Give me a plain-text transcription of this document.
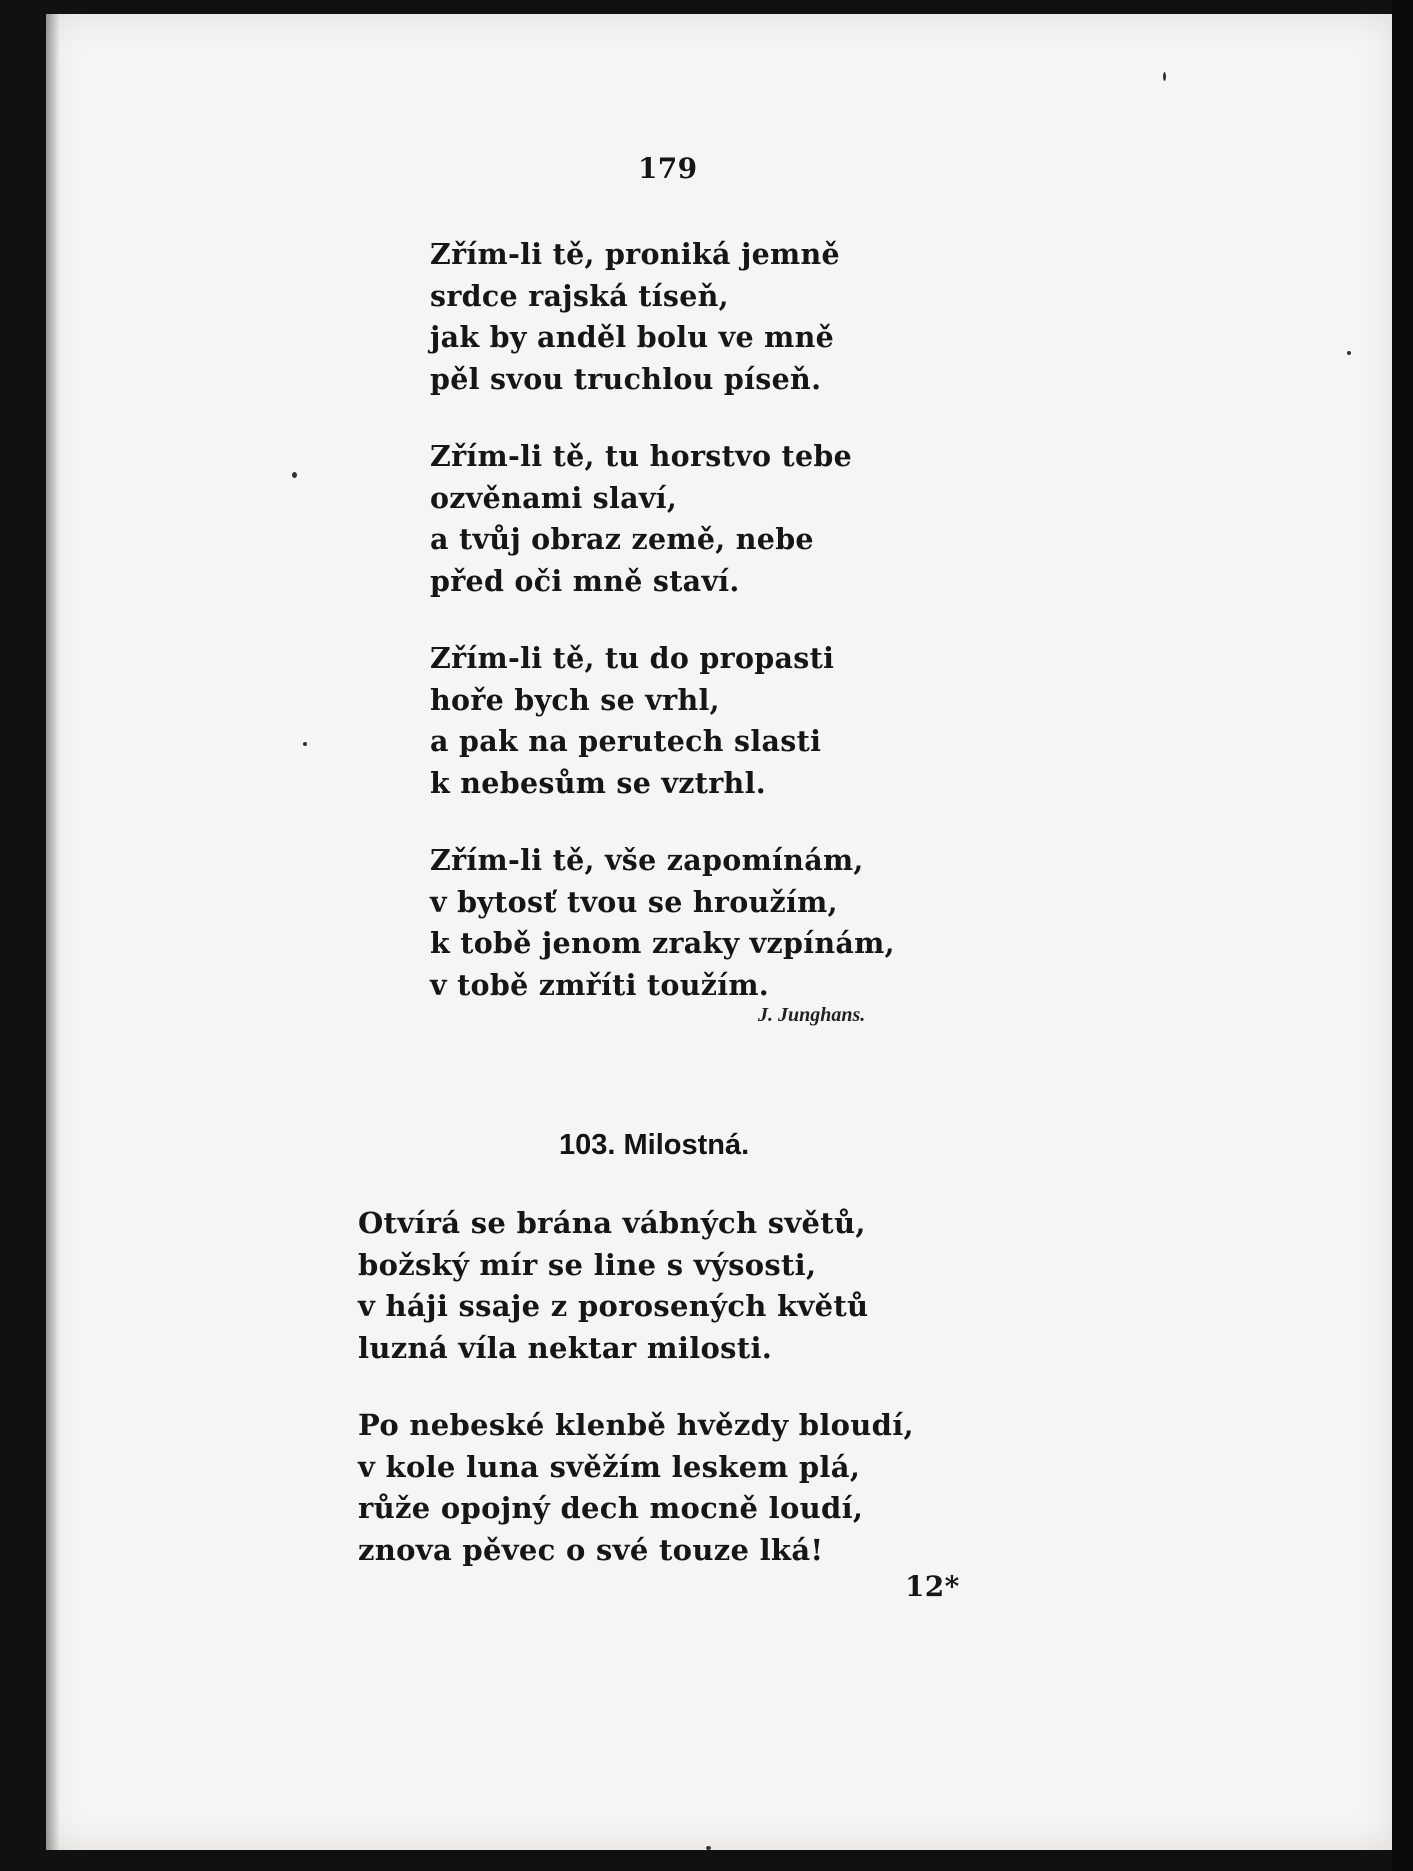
179
Zřím-li tě, proniká jemně
srdce rajská tíseň,
jak by anděl bolu ve mně
pěl svou truchlou píseň.
Zřím-li tě, tu horstvo tebe
ozvěnami slaví,
a tvůj obraz země, nebe
před oči mně staví.
Zřím-li tě, tu do propasti
hoře bych se vrhl,
a pak na perutech slasti
k nebesům se vztrhl.
Zřím-li tě, vše zapomínám,
v bytosť tvou se hroužím,
k tobě jenom zraky vzpínám,
v tobě zmříti toužím.
J. Junghans.
103. Milostná.
Otvírá se brána vábných světů,
božský mír se line s výsosti,
v háji ssaje z porosených květů
luzná víla nektar milosti.
Po nebeské klenbě hvězdy bloudí,
v kole luna svěžím leskem plá,
růže opojný dech mocně loudí,
znova pěvec o své touze lká!
12*
